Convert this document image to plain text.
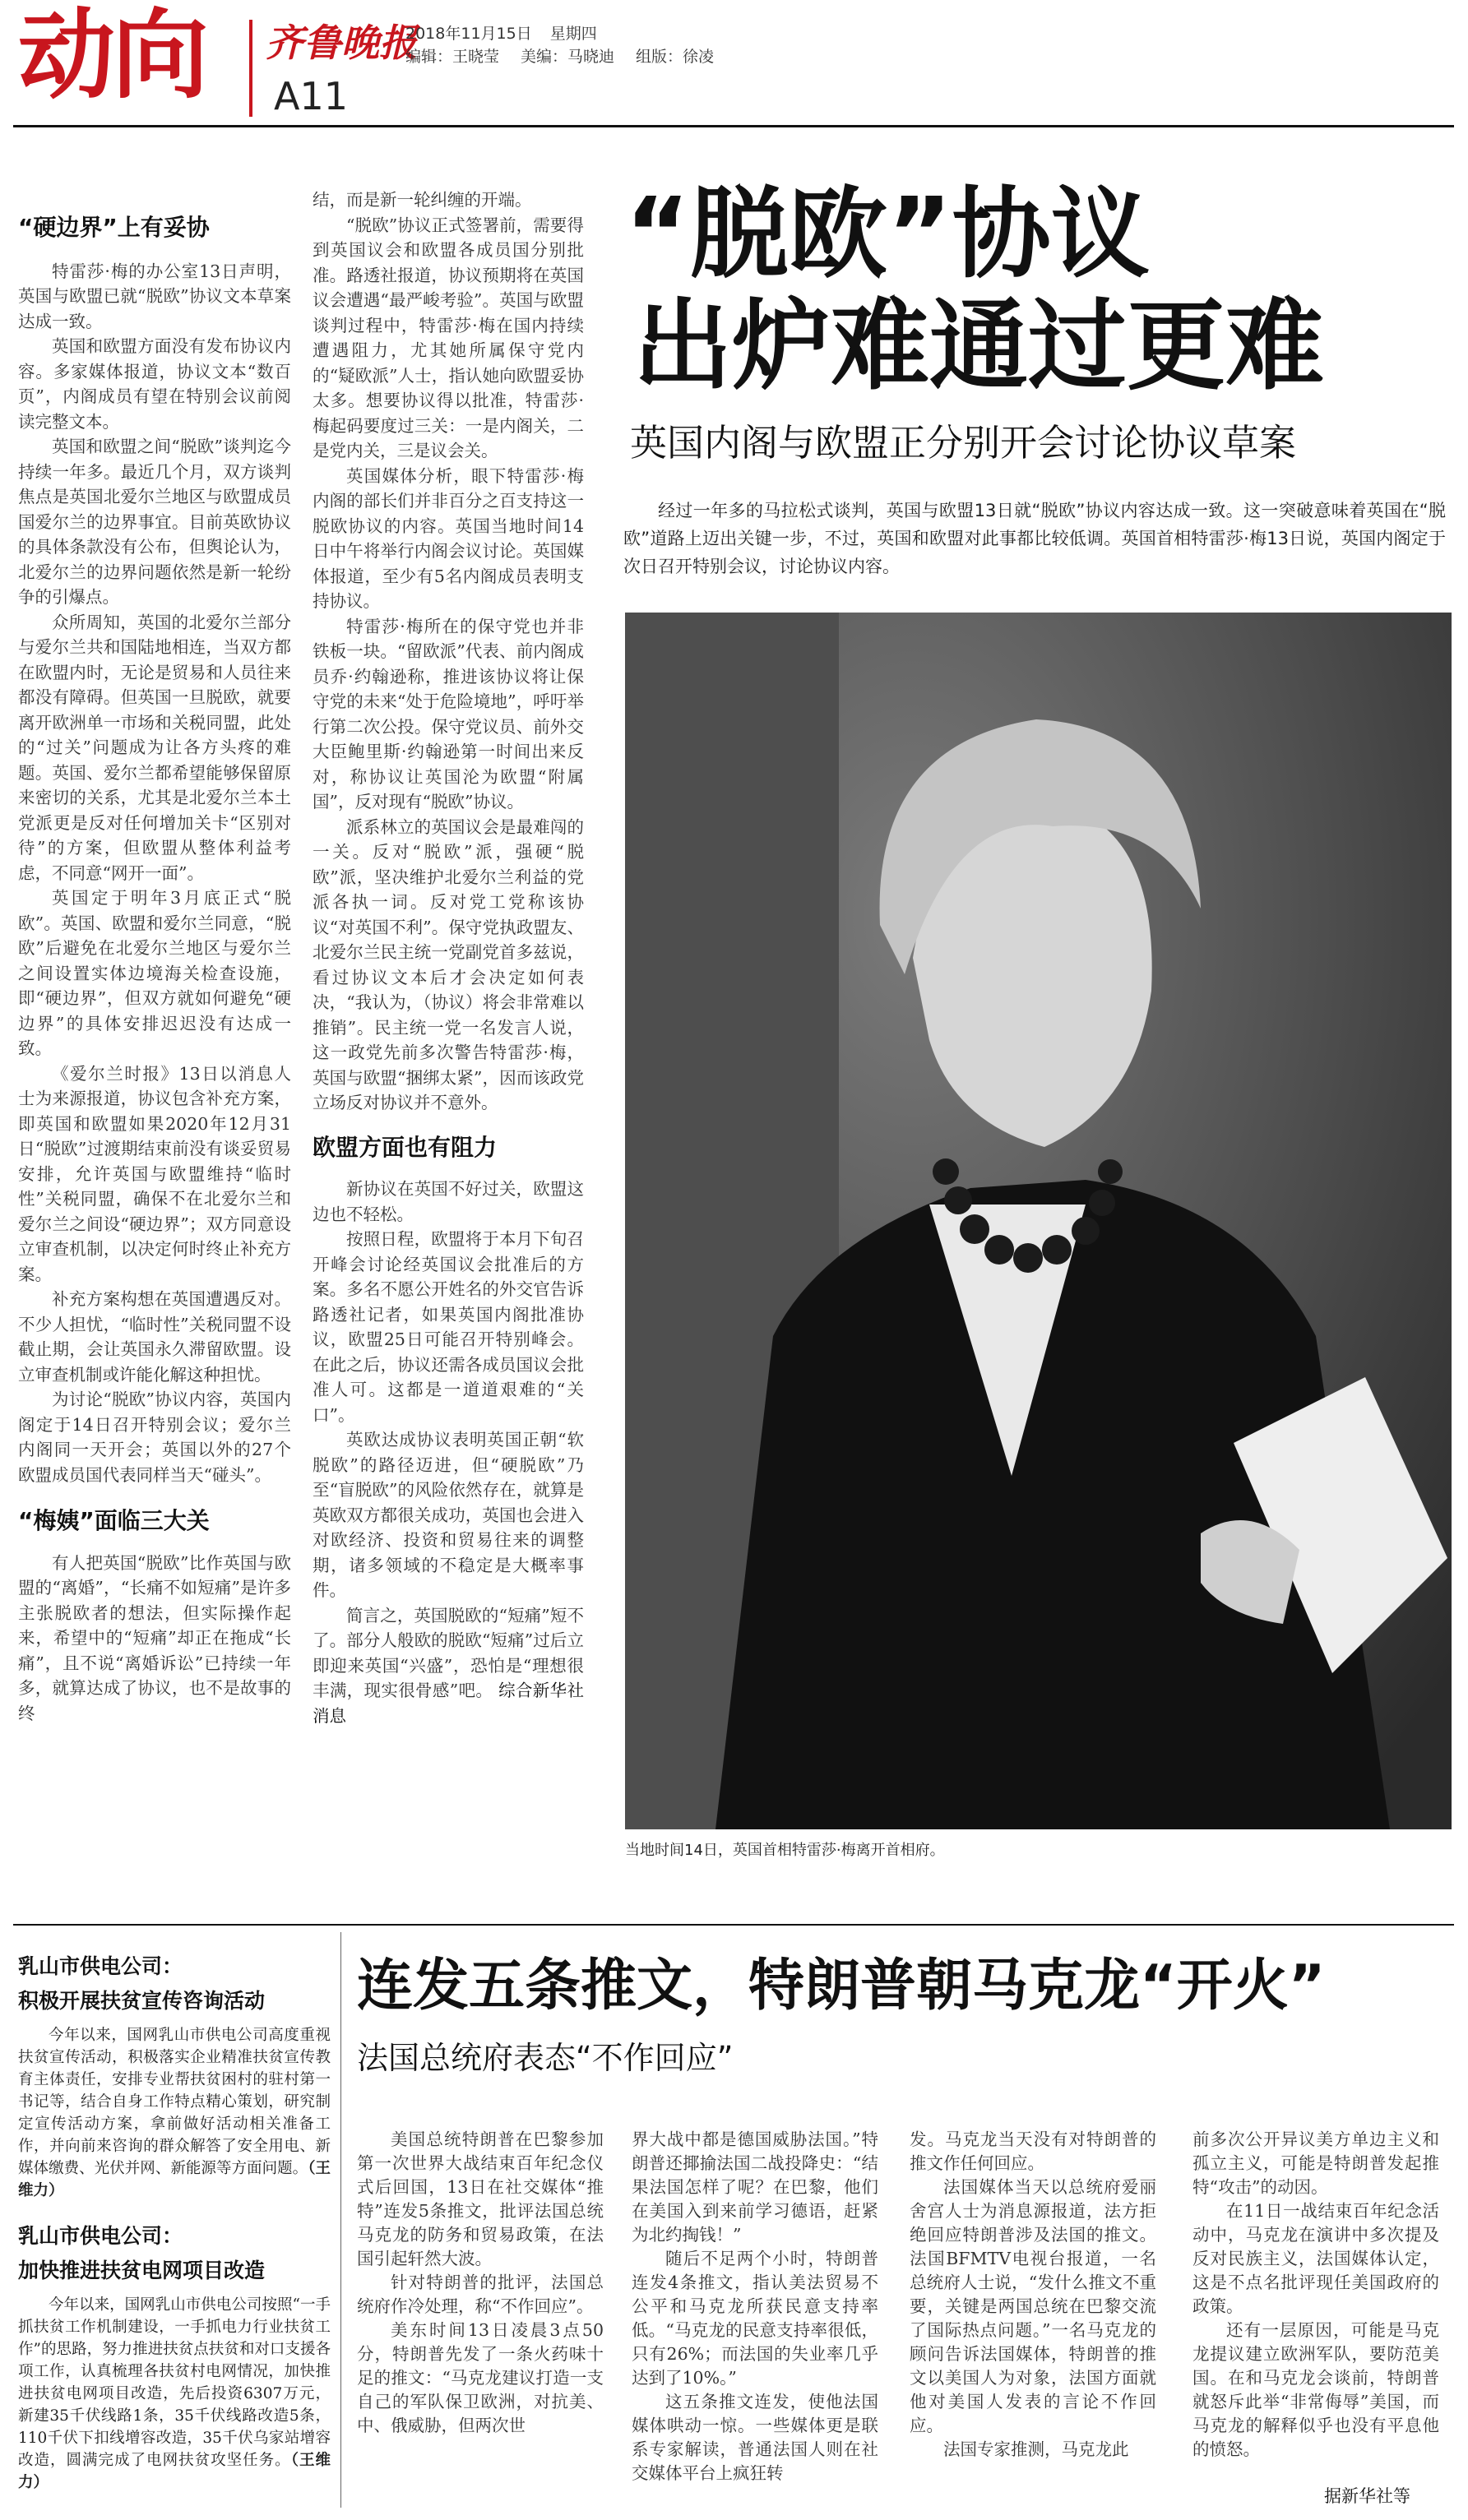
动向 齐鲁晚报
A11
2018年11月15日 星期四
编辑：王晓莹 美编：马晓迪 组版：徐凌
“硬边界”上有妥协

特雷莎·梅的办公室13日声明，英国与欧盟已就“脱欧”协议文本草案达成一致。

英国和欧盟方面没有发布协议内容。多家媒体报道，协议文本“数百页”，内阁成员有望在特别会议前阅读完整文本。

英国和欧盟之间“脱欧”谈判迄今持续一年多。最近几个月，双方谈判焦点是英国北爱尔兰地区与欧盟成员国爱尔兰的边界事宜。目前英欧协议的具体条款没有公布，但舆论认为，北爱尔兰的边界问题依然是新一轮纷争的引爆点。

众所周知，英国的北爱尔兰部分与爱尔兰共和国陆地相连，当双方都在欧盟内时，无论是贸易和人员往来都没有障碍。但英国一旦脱欧，就要离开欧洲单一市场和关税同盟，此处的“过关”问题成为让各方头疼的难题。英国、爱尔兰都希望能够保留原来密切的关系，尤其是北爱尔兰本土党派更是反对任何增加关卡“区别对待”的方案，但欧盟从整体利益考虑，不同意“网开一面”。

英国定于明年3月底正式“脱欧”。英国、欧盟和爱尔兰同意，“脱欧”后避免在北爱尔兰地区与爱尔兰之间设置实体边境海关检查设施，即“硬边界”，但双方就如何避免“硬边界”的具体安排迟迟没有达成一致。

《爱尔兰时报》13日以消息人士为来源报道，协议包含补充方案，即英国和欧盟如果2020年12月31日“脱欧”过渡期结束前没有谈妥贸易安排，允许英国与欧盟维持“临时性”关税同盟，确保不在北爱尔兰和爱尔兰之间设“硬边界”；双方同意设立审查机制，以决定何时终止补充方案。

补充方案构想在英国遭遇反对。不少人担忧，“临时性”关税同盟不设截止期，会让英国永久滞留欧盟。设立审查机制或许能化解这种担忧。

为讨论“脱欧”协议内容，英国内阁定于14日召开特别会议；爱尔兰内阁同一天开会；英国以外的27个欧盟成员国代表同样当天“碰头”。

“梅姨”面临三大关

有人把英国“脱欧”比作英国与欧盟的“离婚”，“长痛不如短痛”是许多主张脱欧者的想法，但实际操作起来，希望中的“短痛”却正在拖成“长痛”，且不说“离婚诉讼”已持续一年多，就算达成了协议，也不是故事的终

结，而是新一轮纠缠的开端。

“脱欧”协议正式签署前，需要得到英国议会和欧盟各成员国分别批准。路透社报道，协议预期将在英国议会遭遇“最严峻考验”。英国与欧盟谈判过程中，特雷莎·梅在国内持续遭遇阻力，尤其她所属保守党内的“疑欧派”人士，指认她向欧盟妥协太多。想要协议得以批准，特雷莎·梅起码要度过三关：一是内阁关，二是党内关，三是议会关。

英国媒体分析，眼下特雷莎·梅内阁的部长们并非百分之百支持这一脱欧协议的内容。英国当地时间14日中午将举行内阁会议讨论。英国媒体报道，至少有5名内阁成员表明支持协议。

特雷莎·梅所在的保守党也并非铁板一块。“留欧派”代表、前内阁成员乔·约翰逊称，推进该协议将让保守党的未来“处于危险境地”，呼吁举行第二次公投。保守党议员、前外交大臣鲍里斯·约翰逊第一时间出来反对，称协议让英国沦为欧盟“附属国”，反对现有“脱欧”协议。

派系林立的英国议会是最难闯的一关。反对“脱欧”派，强硬“脱欧”派，坚决维护北爱尔兰利益的党派各执一词。反对党工党称该协议“对英国不利”。保守党执政盟友、北爱尔兰民主统一党副党首多兹说，看过协议文本后才会决定如何表决，“我认为，（协议）将会非常难以推销”。民主统一党一名发言人说，这一政党先前多次警告特雷莎·梅，英国与欧盟“捆绑太紧”，因而该政党立场反对协议并不意外。

欧盟方面也有阻力

新协议在英国不好过关，欧盟这边也不轻松。

按照日程，欧盟将于本月下旬召开峰会讨论经英国议会批准后的方案。多名不愿公开姓名的外交官告诉路透社记者，如果英国内阁批准协议，欧盟25日可能召开特别峰会。在此之后，协议还需各成员国议会批准人可。这都是一道道艰难的“关口”。

英欧达成协议表明英国正朝“软脱欧”的路径迈进，但“硬脱欧”乃至“盲脱欧”的风险依然存在，就算是英欧双方都很关成功，英国也会进入对欧经济、投资和贸易往来的调整期，诸多领域的不稳定是大概率事件。

简言之，英国脱欧的“短痛”短不了。部分人般欧的脱欧“短痛”过后立即迎来英国“兴盛”，恐怕是“理想很丰满，现实很骨感”吧。 综合新华社消息

“脱欧”协议
出炉难通过更难
英国内阁与欧盟正分别开会讨论协议草案
经过一年多的马拉松式谈判，英国与欧盟13日就“脱欧”协议内容达成一致。这一突破意味着英国在“脱欧”道路上迈出关键一步，不过，英国和欧盟对此事都比较低调。英国首相特雷莎·梅13日说，英国内阁定于次日召开特别会议，讨论协议内容。
当地时间14日，英国首相特雷莎·梅离开首相府。
乳山市供电公司：
积极开展扶贫宣传咨询活动
今年以来，国网乳山市供电公司高度重视扶贫宣传活动，积极落实企业精准扶贫宣传教育主体责任，安排专业帮扶贫困村的驻村第一书记等，结合自身工作特点精心策划，研究制定宣传活动方案，拿前做好活动相关准备工作，并向前来咨询的群众解答了安全用电、新媒体缴费、光伏并网、新能源等方面问题。（王维力）
乳山市供电公司：
加快推进扶贫电网项目改造
今年以来，国网乳山市供电公司按照“一手抓扶贫工作机制建设，一手抓电力行业扶贫工作”的思路，努力推进扶贫点扶贫和对口支援各项工作，认真梳理各扶贫村电网情况，加快推进扶贫电网项目改造，先后投资6307万元，新建35千伏线路1条，35千伏线路改造5条，110千伏下扣线增容改造，35千伏乌家站增容改造，圆满完成了电网扶贫攻坚任务。（王维力）
连发五条推文，特朗普朝马克龙“开火”
法国总统府表态“不作回应”

美国总统特朗普在巴黎参加第一次世界大战结束百年纪念仪式后回国，13日在社交媒体“推特”连发5条推文，批评法国总统马克龙的防务和贸易政策，在法国引起轩然大波。

针对特朗普的批评，法国总统府作冷处理，称“不作回应”。

美东时间13日凌晨3点50分，特朗普先发了一条火药味十足的推文：“马克龙建议打造一支自己的军队保卫欧洲，对抗美、中、俄威胁，但两次世

界大战中都是德国威胁法国。”特朗普还揶揄法国二战投降史：“结果法国怎样了呢？在巴黎，他们在美国入到来前学习德语，赶紧为北约掏钱！”

随后不足两个小时，特朗普连发4条推文，指认美法贸易不公平和马克龙所获民意支持率低。“马克龙的民意支持率很低，只有26%；而法国的失业率几乎达到了10%。”

这五条推文连发，使他法国媒体哄动一惊。一些媒体更是联系专家解读，普通法国人则在社交媒体平台上疯狂转

发。马克龙当天没有对特朗普的推文作任何回应。

法国媒体当天以总统府爱丽舍宫人士为消息源报道，法方拒绝回应特朗普涉及法国的推文。法国BFMTV电视台报道，一名总统府人士说，“发什么推文不重要，关键是两国总统在巴黎交流了国际热点问题。”一名马克龙的顾问告诉法国媒体，特朗普的推文以美国人为对象，法国方面就他对美国人发表的言论不作回应。

法国专家推测，马克龙此

前多次公开异议美方单边主义和孤立主义，可能是特朗普发起推特“攻击”的动因。

在11日一战结束百年纪念活动中，马克龙在演讲中多次提及反对民族主义，法国媒体认定，这是不点名批评现任美国政府的政策。

还有一层原因，可能是马克龙提议建立欧洲军队，要防范美国。在和马克龙会谈前，特朗普就怒斥此举“非常侮辱”美国，而马克龙的解释似乎也没有平息他的愤怒。

据新华社等
